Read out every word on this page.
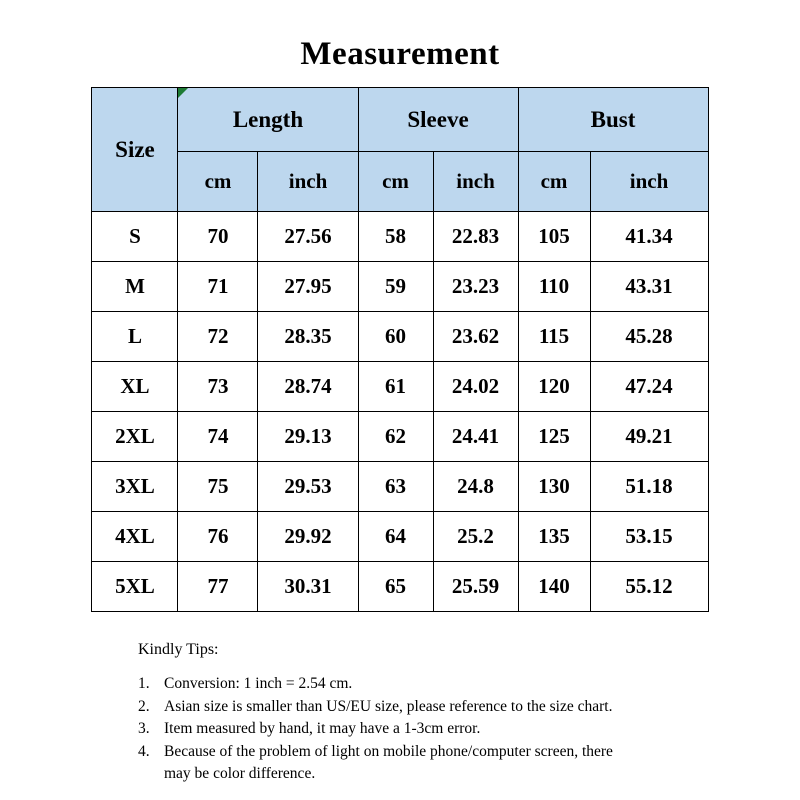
Measurement
Size	Length		Sleeve		Bust	
	cm	inch	cm	inch	cm	inch
S	70	27.56	58	22.83	105	41.34
M	71	27.95	59	23.23	110	43.31
L	72	28.35	60	23.62	115	45.28
XL	73	28.74	61	24.02	120	47.24
2XL	74	29.13	62	24.41	125	49.21
3XL	75	29.53	63	24.8	130	51.18
4XL	76	29.92	64	25.2	135	53.15
5XL	77	30.31	65	25.59	140	55.12
Kindly Tips:
1. Conversion: 1 inch = 2.54 cm.
2. Asian size is smaller than US/EU size, please reference to the size chart.
3. Item measured by hand, it may have a 1-3cm error.
4. Because of the problem of light on mobile phone/computer screen, there may be color difference.
